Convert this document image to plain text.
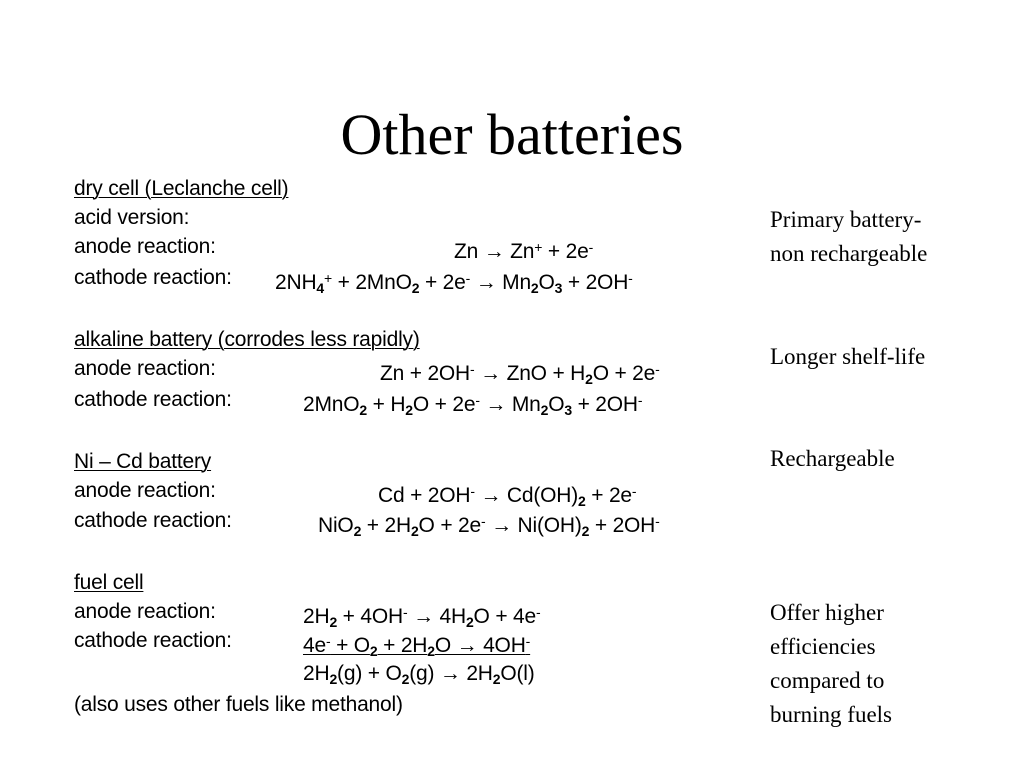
Other batteries
dry cell (Leclanche cell)
acid version:
anode reaction:	Zn → Zn+ + 2e-
cathode reaction: $2NH_4^+ + 2MnO_2 + 2e^- \to Mn_2O_3 + 2OH^-$
alkaline battery (corrodes less rapidly)
anode reaction:	Zn + 2OH- → ZnO + $H_2O + 2e^-$
cathode reaction:	$2MnO_2 + H_2O + 2e^- \to Mn_2O_3 + 2OH^-$
Ni – Cd battery
anode reaction:	$Cd + 2OH^- \to Cd(OH)_2 + 2e^-$
cathode reaction:	$NiO_2 + 2H_2O + 2e^- \to Ni(OH)_2 + 2OH^-$
fuel cell
anode reaction:	$2H_2 + 4OH^- \to 4H_2O + 4e^-$
cathode reaction:	$4e^- + O_2 + 2H_2O \to 4OH^-$
$2H_2(g) + O_2(g) \to 2H_2O(l)$
(also uses other fuels like methanol)
Primary battery-
non rechargeable
Longer shelf-life
Rechargeable
Offer higher
efficiencies
compared to
burning fuels
